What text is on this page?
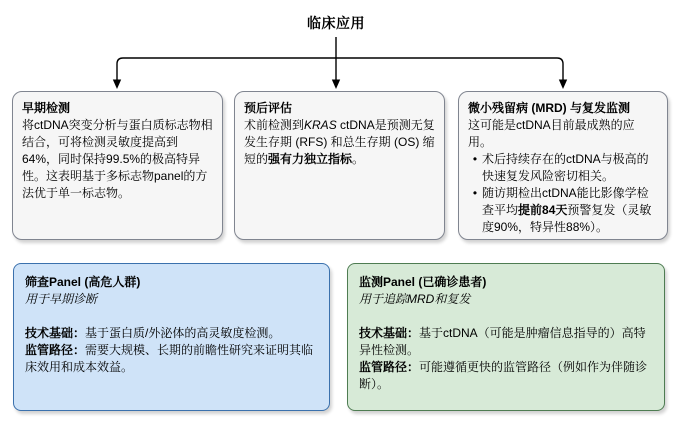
临床应用
早期检测
将ctDNA突变分析与蛋白质标志物相结合，可将检测灵敏度提高到64%，同时保持99.5%的极高特异性。这表明基于多标志物panel的方法优于单一标志物。
预后评估
术前检测到KRAS ctDNA是预测无复发生存期 (RFS) 和总生存期 (OS) 缩短的强有力独立指标。
微小残留病 (MRD) 与复发监测
这可能是ctDNA目前最成熟的应用。
• 术后持续存在的ctDNA与极高的快速复发风险密切相关。
• 随访期检出ctDNA能比影像学检查平均提前84天预警复发（灵敏度90%，特异性88%）。
筛查Panel (高危人群)
用于早期诊断
技术基础：基于蛋白质/外泌体的高灵敏度检测。
监管路径：需要大规模、长期的前瞻性研究来证明其临床效用和成本效益。
监测Panel (已确诊患者)
用于追踪MRD和复发
技术基础：基于ctDNA（可能是肿瘤信息指导的）高特异性检测。
监管路径：可能遵循更快的监管路径（例如作为伴随诊断）。
